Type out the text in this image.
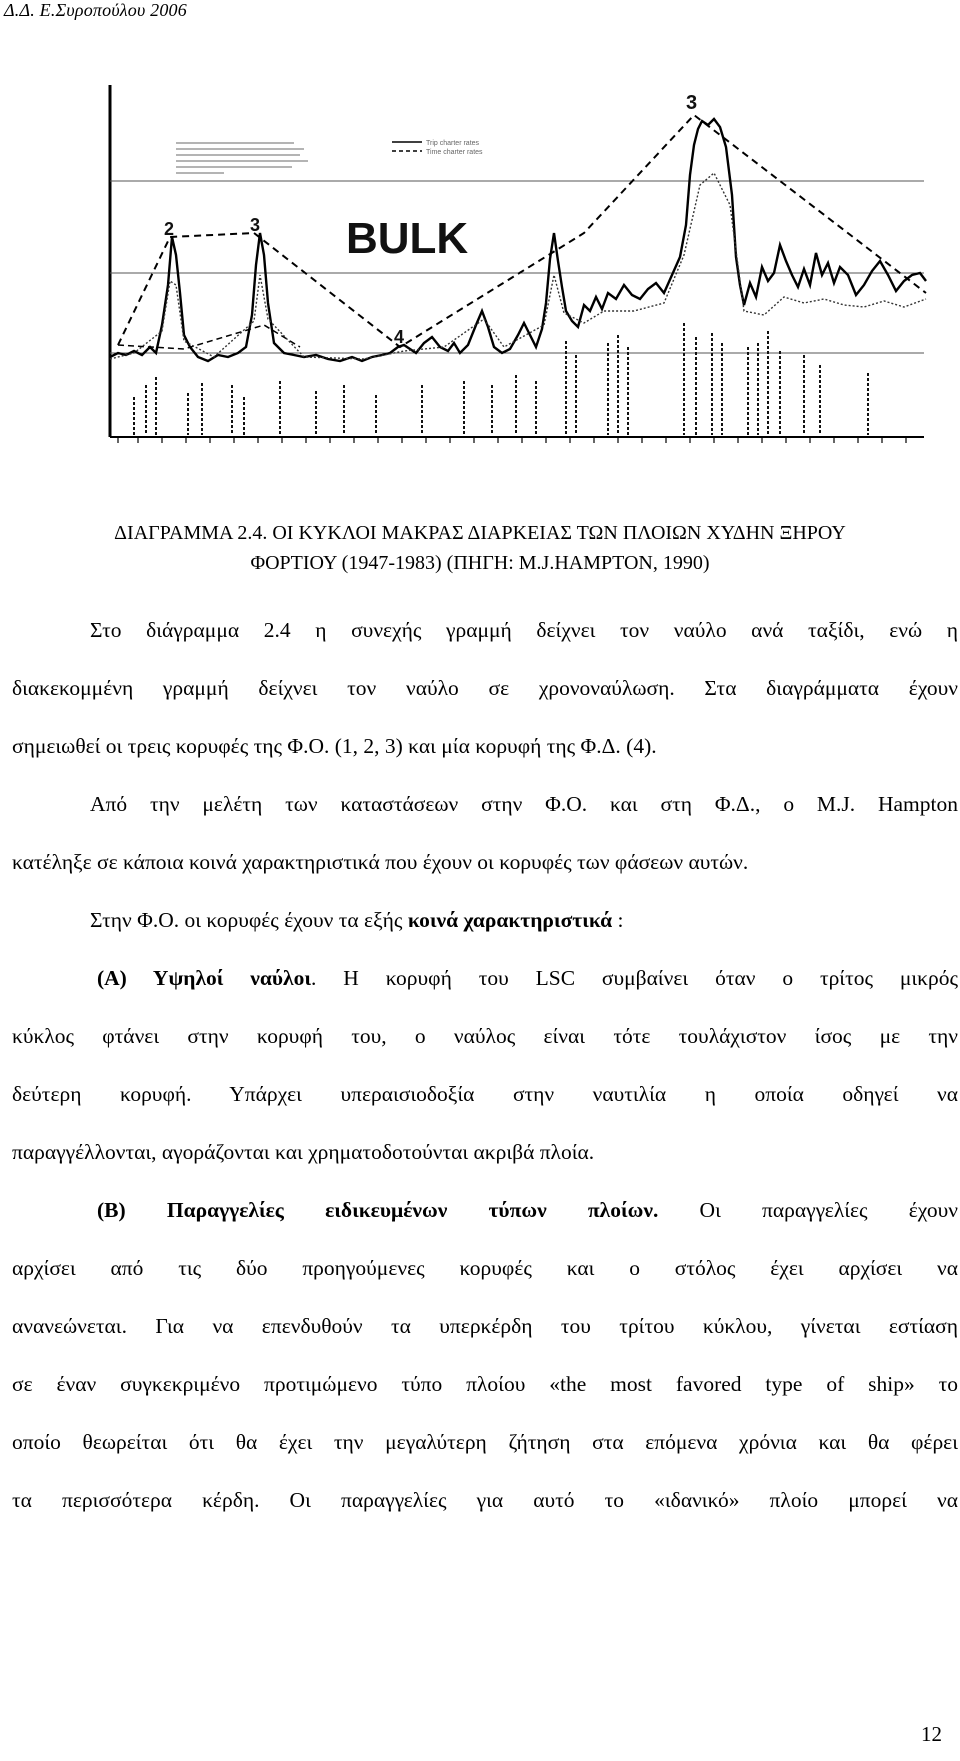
Δ.Δ. Ε.Συροπούλου 2006
Trip charter rates
Time charter rates
BULK
2	3
4
3
ΔΙΑΓΡΑΜΜΑ 2.4. ΟΙ ΚΥΚΛΟΙ ΜΑΚΡΑΣ ΔΙΑΡΚΕΙΑΣ ΤΩΝ ΠΛΟΙΩΝ ΧΥΔΗΝ ΞΗΡΟΥ
ΦΟΡΤΙΟΥ (1947-1983) (ΠΗΓΗ: M.J.HAMPTON, 1990)
Στο διάγραμμα 2.4 η συνεχής γραμμή δείχνει τον ναύλο ανά ταξίδι, ενώ η
διακεκομμένη γραμμή δείχνει τον ναύλο σε χρονοναύλωση. Στα διαγράμματα έχουν
σημειωθεί οι τρεις κορυφές της Φ.Ο. (1, 2, 3) και μία κορυφή της Φ.Δ. (4).
Από την μελέτη των καταστάσεων στην Φ.Ο. και στη Φ.Δ., ο M.J. Hampton
κατέληξε σε κάποια κοινά χαρακτηριστικά που έχουν οι κορυφές των φάσεων αυτών.
Στην Φ.Ο. οι κορυφές έχουν τα εξής κοινά χαρακτηριστικά :
(Α) Υψηλοί ναύλοι. Η κορυφή του LSC συμβαίνει όταν ο τρίτος μικρός
κύκλος φτάνει στην κορυφή του, ο ναύλος είναι τότε τουλάχιστον ίσος με την
δεύτερη κορυφή. Υπάρχει υπεραισιοδοξία στην ναυτιλία η οποία οδηγεί να
παραγγέλλονται, αγοράζονται και χρηματοδοτούνται ακριβά πλοία.
(Β) Παραγγελίες ειδικευμένων τύπων πλοίων. Οι παραγγελίες έχουν
αρχίσει από τις δύο προηγούμενες κορυφές και ο στόλος έχει αρχίσει να
ανανεώνεται. Για να επενδυθούν τα υπερκέρδη του τρίτου κύκλου, γίνεται εστίαση
σε έναν συγκεκριμένο προτιμώμενο τύπο πλοίου «the most favored type of ship» το
οποίο θεωρείται ότι θα έχει την μεγαλύτερη ζήτηση στα επόμενα χρόνια και θα φέρει
τα περισσότερα κέρδη. Οι παραγγελίες για αυτό το «ιδανικό» πλοίο μπορεί να
12
